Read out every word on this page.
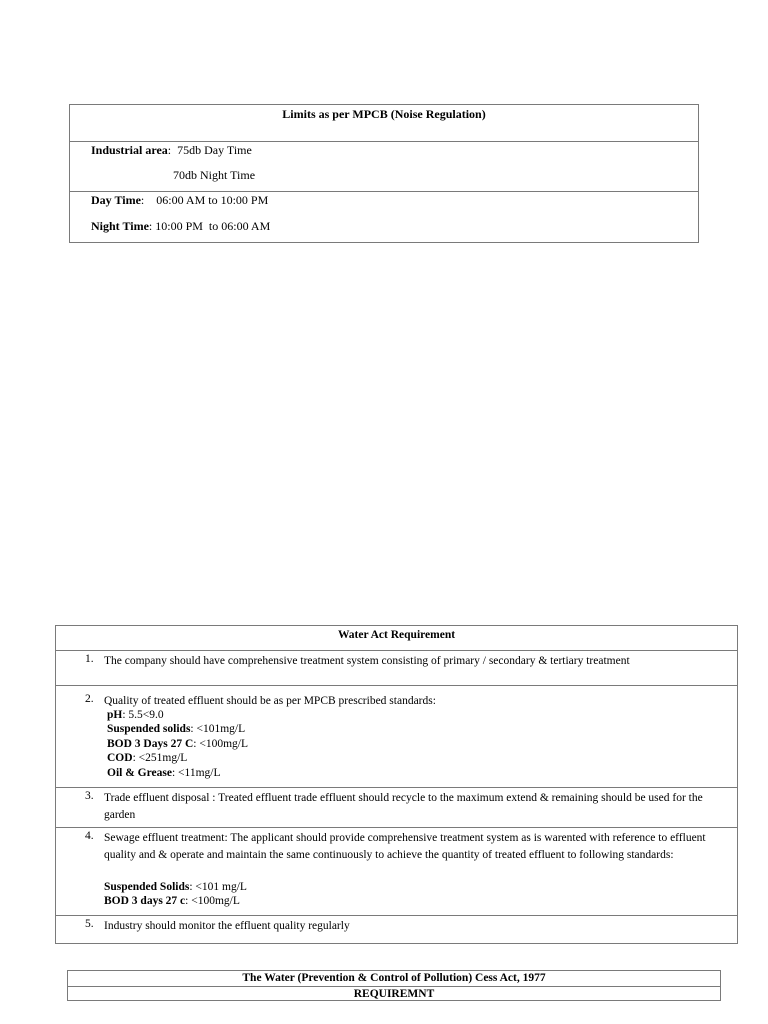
Limits as per MPCB (Noise Regulation)
Industrial area:  75db Day Time
70db Night Time
Day Time:    06:00 AM to 10:00 PM
Night Time: 10:00 PM  to 06:00 AM
Water Act Requirement
1. The company should have comprehensive treatment system consisting of primary / secondary & tertiary treatment
2. Quality of treated effluent should be as per MPCB prescribed standards:
pH: 5.5<9.0
Suspended solids: <101mg/L
BOD 3 Days 27 C: <100mg/L
COD: <251mg/L
Oil & Grease: <11mg/L
3. Trade effluent disposal : Treated effluent trade effluent should recycle to the maximum extend & remaining should be used for the garden
4. Sewage effluent treatment: The applicant should provide comprehensive treatment system as is warented with reference to effluent quality and & operate and maintain the same continuously to achieve the quantity of treated effluent to following standards:
Suspended Solids: <101 mg/L
BOD 3 days 27 c: <100mg/L
5. Industry should monitor the effluent quality regularly
The Water (Prevention & Control of Pollution) Cess Act, 1977
REQUIREMNT
